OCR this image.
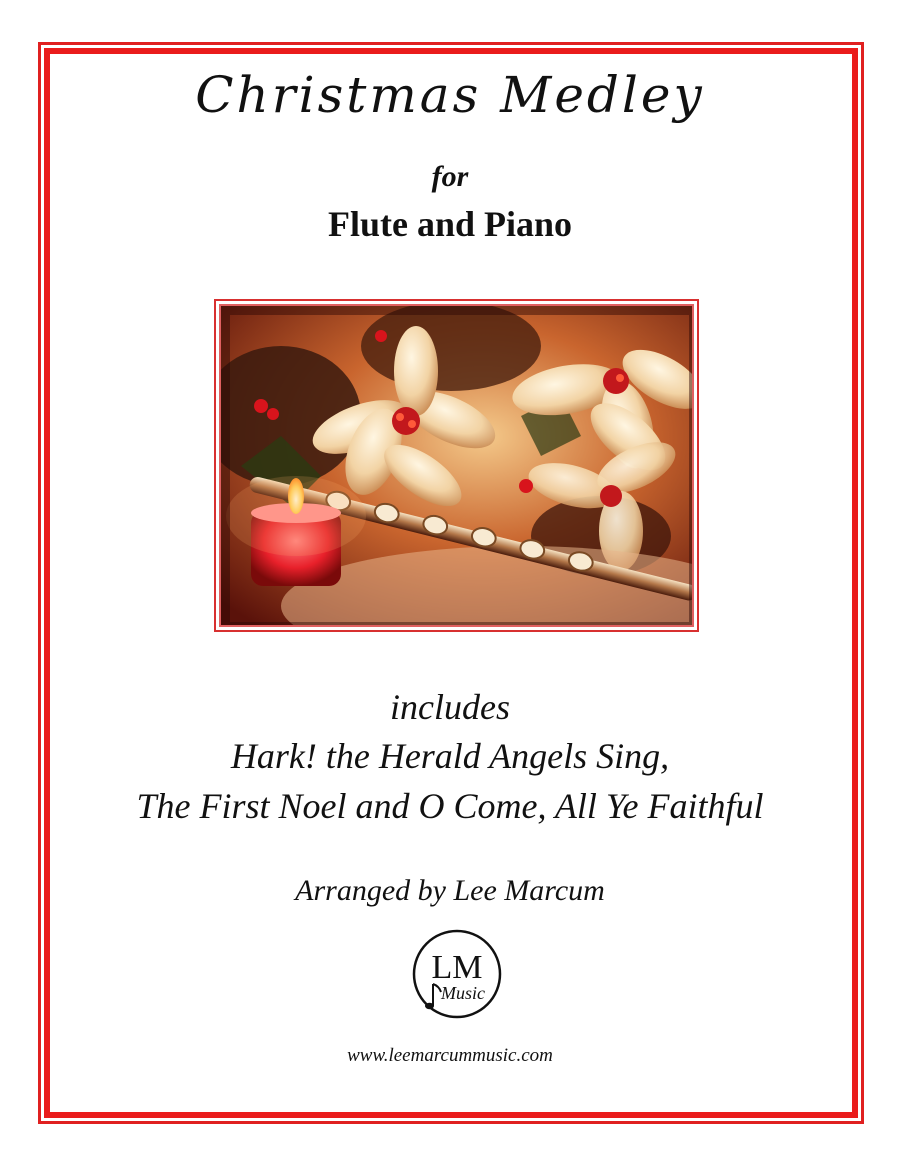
Christmas Medley
for
Flute and Piano
includes
Hark! the Herald Angels Sing,
The First Noel and O Come, All Ye Faithful
Arranged by Lee Marcum
LM
Music
www.leemarcummusic.com
